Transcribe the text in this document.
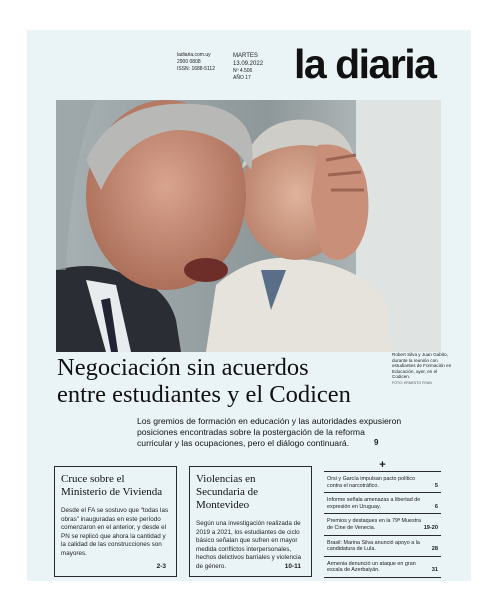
ladiaria.com.uy
2900 0808
ISSN: 1688-5112
MARTES
13.09.2022
Nº 4.506
AÑO 17 la diaria
Robert Silva y Juan Gabito, durante la reunión con estudiantes de Formación en Educación, ayer, en el Codicen.
FOTO: ERNESTO RYAN
Negociación sin acuerdos
entre estudiantes y el Codicen
Los gremios de formación en educación y las autoridades expusieron posiciones encontradas sobre la postergación de la reforma curricular y las ocupaciones, pero el diálogo continuará.	9
Cruce sobre el Ministerio de Vivienda
Desde el FA se sostuvo que “todas las obras” inauguradas en este período comenzaron en el anterior, y desde el PN se replicó que ahora la cantidad y la calidad de las construcciones son mayores.
2-3
Violencias en Secundaria de Montevideo
Según una investigación realizada de 2019 a 2021, los estudiantes de ciclo básico señalan que sufren en mayor medida conflictos interpersonales, hechos delictivos barriales y violencia de género.	10-11
+
Orsi y García impulsan pacto político contra el narcotráfico.	5
Informe señala amenazas a libertad de expresión en Uruguay.	6
Premios y destaques en la 79ª Muestra de Cine de Venecia.	19-20
Brasil: Marina Silva anunció apoyo a la candidatura de Lula.	28
Armenia denunció un ataque en gran escala de Azerbaiyán.	31
